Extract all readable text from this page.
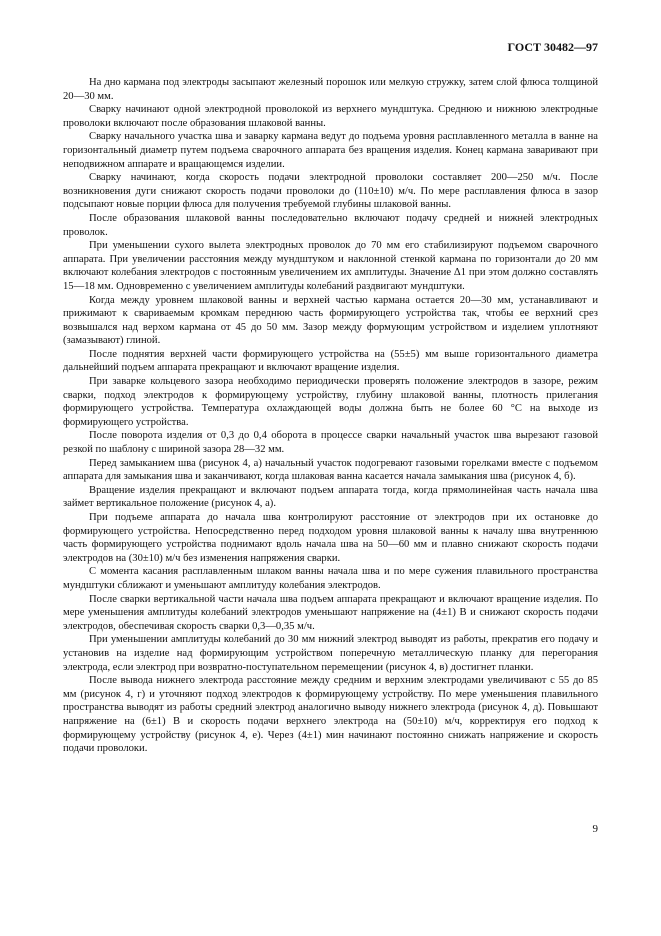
ГОСТ 30482—97

На дно кармана под электроды засыпают железный порошок или мелкую стружку, затем слой флюса толщиной 20—30 мм.

Сварку начинают одной электродной проволокой из верхнего мундштука. Среднюю и нижнюю электродные проволоки включают после образования шлаковой ванны.

Сварку начального участка шва и заварку кармана ведут до подъема уровня расплавленного металла в ванне на горизонтальный диаметр путем подъема сварочного аппарата без вращения изделия. Конец кармана заваривают при неподвижном аппарате и вращающемся изделии.

Сварку начинают, когда скорость подачи электродной проволоки составляет 200—250 м/ч. После возникновения дуги снижают скорость подачи проволоки до (110±10) м/ч. По мере расплавления флюса в зазор подсыпают новые порции флюса для получения требуемой глубины шлаковой ванны.

После образования шлаковой ванны последовательно включают подачу средней и нижней электродных проволок.

При уменьшении сухого вылета электродных проволок до 70 мм его стабилизируют подъемом сварочного аппарата. При увеличении расстояния между мундштуком и наклонной стенкой кармана по горизонтали до 20 мм включают колебания электродов с постоянным увеличением их амплитуды. Значение Δ1 при этом должно составлять 15—18 мм. Одновременно с увеличением амплитуды колебаний раздвигают мундштуки.

Когда между уровнем шлаковой ванны и верхней частью кармана остается 20—30 мм, устанавливают и прижимают к свариваемым кромкам переднюю часть формирующего устройства так, чтобы ее верхний срез возвышался над верхом кармана от 45 до 50 мм. Зазор между формующим устройством и изделием уплотняют (замазывают) глиной.

После поднятия верхней части формирующего устройства на (55±5) мм выше горизонтального диаметра дальнейший подъем аппарата прекращают и включают вращение изделия.

При заварке кольцевого зазора необходимо периодически проверять положение электродов в зазоре, режим сварки, подход электродов к формирующему устройству, глубину шлаковой ванны, плотность прилегания формирующего устройства. Температура охлаждающей воды должна быть не более 60 °С на выходе из формирующего устройства.

После поворота изделия от 0,3 до 0,4 оборота в процессе сварки начальный участок шва вырезают газовой резкой по шаблону с шириной зазора 28—32 мм.

Перед замыканием шва (рисунок 4, а) начальный участок подогревают газовыми горелками вместе с подъемом аппарата для замыкания шва и заканчивают, когда шлаковая ванна касается начала замыкания шва (рисунок 4, б).

Вращение изделия прекращают и включают подъем аппарата тогда, когда прямолинейная часть начала шва займет вертикальное положение (рисунок 4, а).

При подъеме аппарата до начала шва контролируют расстояние от электродов при их остановке до формирующего устройства. Непосредственно перед подходом уровня шлаковой ванны к началу шва внутреннюю часть формирующего устройства поднимают вдоль начала шва на 50—60 мм и плавно снижают скорость подачи электродов на (30±10) м/ч без изменения напряжения сварки.

С момента касания расплавленным шлаком ванны начала шва и по мере сужения плавильного пространства мундштуки сближают и уменьшают амплитуду колебания электродов.

После сварки вертикальной части начала шва подъем аппарата прекращают и включают вращение изделия. По мере уменьшения амплитуды колебаний электродов уменьшают напряжение на (4±1) В и снижают скорость подачи электродов, обеспечивая скорость сварки 0,3—0,35 м/ч.

При уменьшении амплитуды колебаний до 30 мм нижний электрод выводят из работы, прекратив его подачу и установив на изделие над формирующим устройством поперечную металлическую планку для перегорания электрода, если электрод при возвратно-поступательном перемещении (рисунок 4, в) достигнет планки.

После вывода нижнего электрода расстояние между средним и верхним электродами увеличивают с 55 до 85 мм (рисунок 4, г) и уточняют подход электродов к формирующему устройству. По мере уменьшения плавильного пространства выводят из работы средний электрод аналогично выводу нижнего электрода (рисунок 4, д). Повышают напряжение на (6±1) В и скорость подачи верхнего электрода на (50±10) м/ч, корректируя его подход к формирующему устройству (рисунок 4, е). Через (4±1) мин начинают постоянно снижать напряжение и скорость подачи проволоки.

9
